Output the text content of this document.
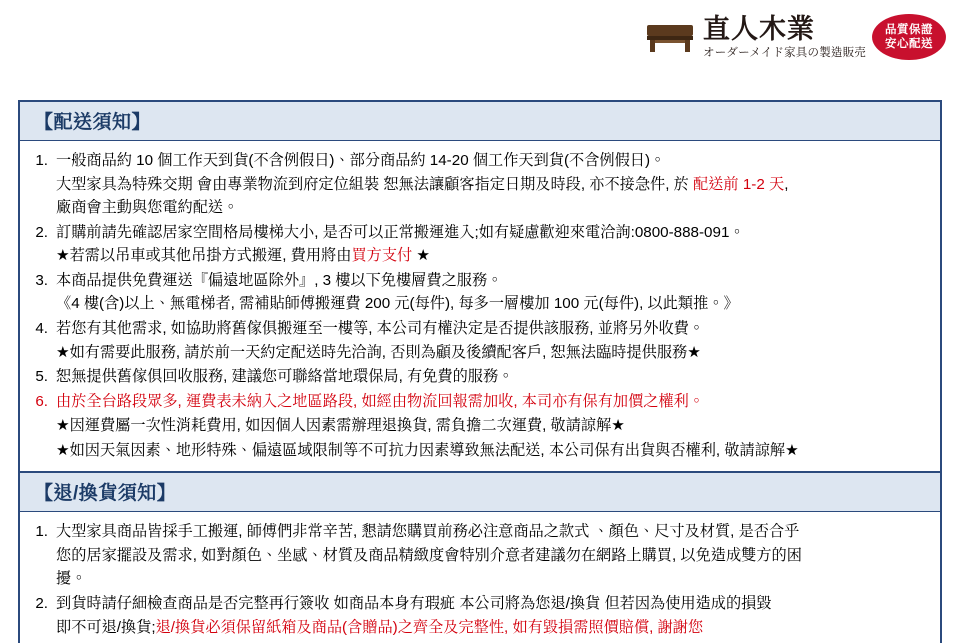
直人木業
オーダーメイド家具の製造販売
品質保證
安心配送
【配送須知】
1. 一般商品約 10 個工作天到貨(不含例假日)、部分商品約 14-20 個工作天到貨(不含例假日)。
大型家具為特殊交期 會由專業物流到府定位組裝 恕無法讓顧客指定日期及時段, 亦不接急件, 於 配送前 1-2 天,
廠商會主動與您電約配送。
2. 訂購前請先確認居家空間格局樓梯大小, 是否可以正常搬運進入;如有疑慮歡迎來電洽詢:0800-888-091。
★若需以吊車或其他吊掛方式搬運, 費用將由買方支付 ★
3. 本商品提供免費運送『偏遠地區除外』, 3 樓以下免樓層費之服務。
《4 樓(含)以上、無電梯者, 需補貼師傅搬運費 200 元(每件), 每多一層樓加 100 元(每件), 以此類推。》
4. 若您有其他需求, 如協助將舊傢俱搬運至一樓等, 本公司有權決定是否提供該服務, 並將另外收費。
★如有需要此服務, 請於前一天約定配送時先洽詢, 否則為顧及後續配客戶, 恕無法臨時提供服務★
5. 恕無提供舊傢俱回收服務, 建議您可聯絡當地環保局, 有免費的服務。
6. 由於全台路段眾多, 運費表未納入之地區路段, 如經由物流回報需加收, 本司亦有保有加價之權利。
★因運費屬一次性消耗費用, 如因個人因素需辦理退換貨, 需負擔二次運費, 敬請諒解★
★如因天氣因素、地形特殊、偏遠區域限制等不可抗力因素導致無法配送, 本公司保有出貨與否權利, 敬請諒解★
【退/換貨須知】
1. 大型家具商品皆採手工搬運, 師傅們非常辛苦, 懇請您購買前務必注意商品之款式 、顏色、尺寸及材質, 是否合乎
您的居家擺設及需求, 如對顏色、坐感、材質及商品精緻度會特別介意者建議勿在網路上購買, 以免造成雙方的困
擾。
2. 到貨時請仔細檢查商品是否完整再行簽收 如商品本身有瑕疵 本公司將為您退/換貨 但若因為使用造成的損毀
即不可退/換貨;退/換貨必須保留紙箱及商品(含贈品)之齊全及完整性, 如有毀損需照價賠償, 謝謝您
